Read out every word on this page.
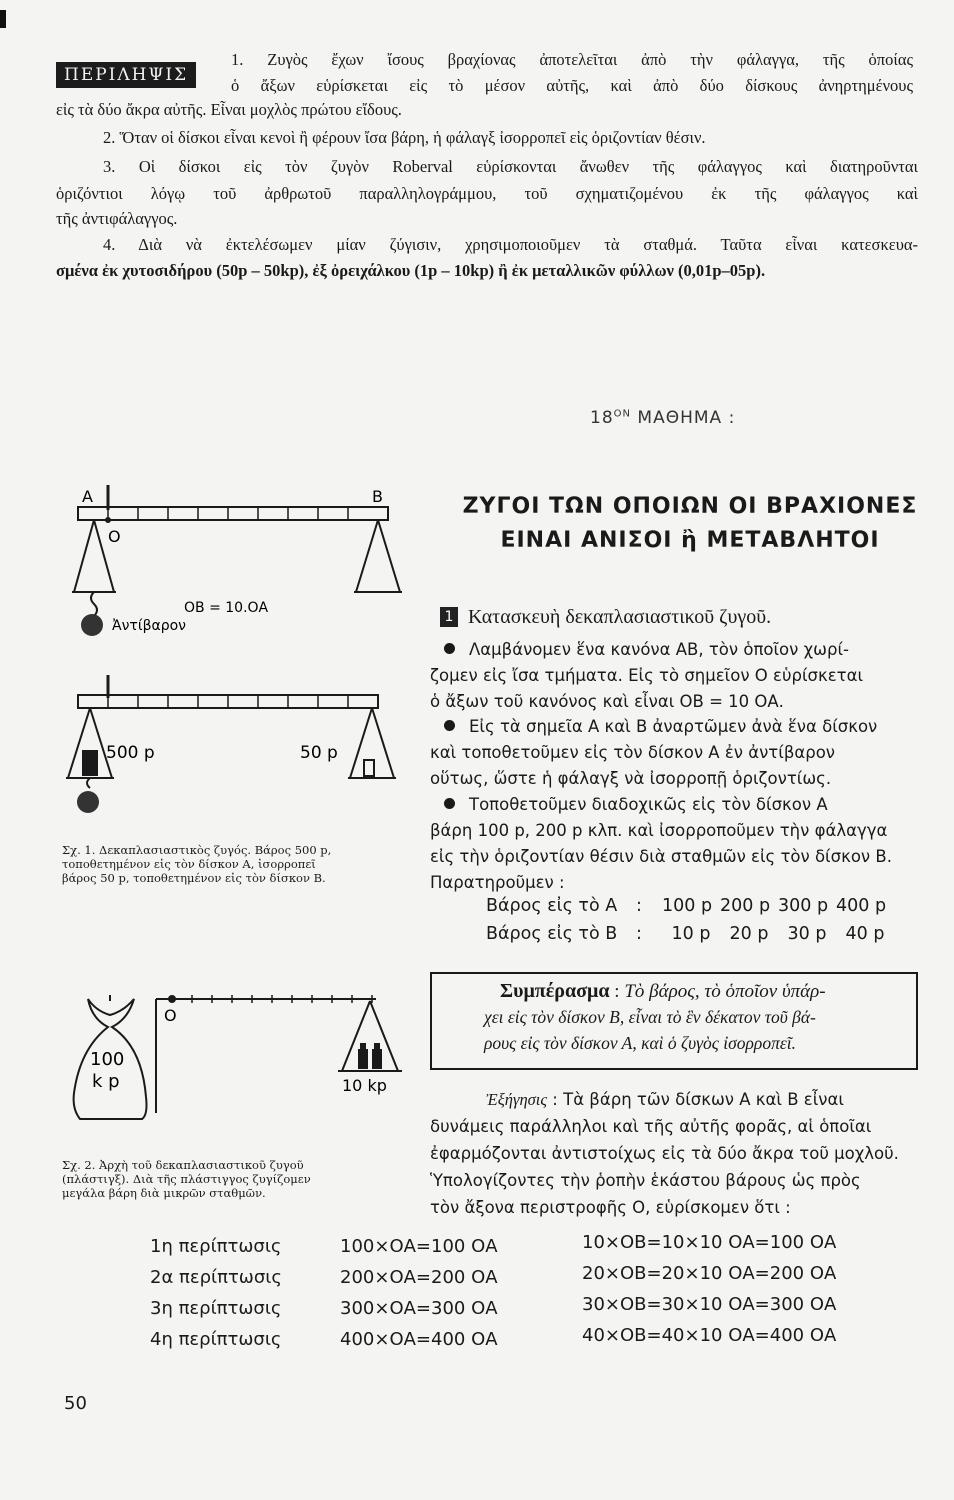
ΠΕΡΙΛΗΨΙΣ
1. Ζυγὸς ἔχων ἴσους βραχίονας ἀποτελεῖται ἀπὸ τὴν φάλαγγα, τῆς ὁποίας
ὁ ἄξων εὑρίσκεται εἰς τὸ μέσον αὐτῆς, καὶ ἀπὸ δύο δίσκους ἀνηρτημένους
εἰς τὰ δύο ἄκρα αὐτῆς. Εἶναι μοχλὸς πρώτου εἴδους.
2. Ὅταν οἱ δίσκοι εἶναι κενοὶ ἢ φέρουν ἴσα βάρη, ἡ φάλαγξ ἰσορροπεῖ εἰς ὁριζοντίαν θέσιν.
3. Οἱ δίσκοι εἰς τὸν ζυγὸν Roberval εὑρίσκονται ἄνωθεν τῆς φάλαγγος καὶ διατηροῦνται
ὁριζόντιοι λόγῳ τοῦ ἀρθρωτοῦ παραλληλογράμμου, τοῦ σχηματιζομένου ἐκ τῆς φάλαγγος καὶ
τῆς ἀντιφάλαγγος.
4. Διὰ νὰ ἐκτελέσωμεν μίαν ζύγισιν, χρησιμοποιοῦμεν τὰ σταθμά. Ταῦτα εἶναι κατεσκευα-
σμένα ἐκ χυτοσιδήρου (50p – 50kp), ἐξ ὀρειχάλκου (1p – 10kp) ἢ ἐκ μεταλλικῶν φύλλων (0,01p–05p).
$18^{ON}$ ΜΑΘΗΜΑ :
ΖΥΓΟΙ ΤΩΝ ΟΠΟΙΩΝ ΟΙ ΒΡΑΧΙΟΝΕΣ
ΕΙΝΑΙ ΑΝΙΣΟΙ ἢ ΜΕΤΑΒΛΗΤΟΙ
1 Κατασκευὴ δεκαπλασιαστικοῦ ζυγοῦ.
Λαμβάνομεν ἕνα κανόνα ΑΒ, τὸν ὁποῖον χωρί-
ζομεν εἰς ἴσα τμήματα. Εἰς τὸ σημεῖον Ο εὑρίσκεται
ὁ ἄξων τοῦ κανόνος καὶ εἶναι ΟΒ = 10 ΟΑ.
Εἰς τὰ σημεῖα Α καὶ Β ἀναρτῶμεν ἀνὰ ἕνα δίσκον
καὶ τοποθετοῦμεν εἰς τὸν δίσκον Α ἐν ἀντίβαρον
οὕτως, ὥστε ἡ φάλαγξ νὰ ἰσορροπῇ ὁριζοντίως.
Τοποθετοῦμεν διαδοχικῶς εἰς τὸν δίσκον Α
βάρη 100 p, 200 p κλπ. καὶ ἰσορροποῦμεν τὴν φάλαγγα
εἰς τὴν ὁριζοντίαν θέσιν διὰ σταθμῶν εἰς τὸν δίσκον Β.
Παρατηροῦμεν :
Βάρος εἰς τὸ Α	:	100 p 200 p 300 p 400 p
Βάρος εἰς τὸ Β	:	10 p	20 p	30 p	40 p
Συμπέρασμα : Τὸ βάρος, τὸ ὁποῖον ὑπάρ-
χει εἰς τὸν δίσκον Β, εἶναι τὸ ἓν δέκατον τοῦ βά-
ρους εἰς τὸν δίσκον Α, καὶ ὁ ζυγὸς ἰσορροπεῖ.
Ἐξήγησις : Τὰ βάρη τῶν δίσκων Α καὶ Β εἶναι
δυνάμεις παράλληλοι καὶ τῆς αὐτῆς φορᾶς, αἱ ὁποῖαι
ἐφαρμόζονται ἀντιστοίχως εἰς τὰ δύο ἄκρα τοῦ μοχλοῦ.
Ὑπολογίζοντες τὴν ῥοπὴν ἑκάστου βάρους ὡς πρὸς
τὸν ἄξονα περιστροφῆς Ο, εὑρίσκομεν ὅτι :
Α	Β
Ο
ΟΒ = 10.ΟΑ
Ἀντίβαρον
500 p	50 p
Σχ. 1. Δεκαπλασιαστικὸς ζυγός. Βάρος 500 p,
τοποθετημένον εἰς τὸν δίσκον Α, ἰσορροπεῖ
βάρος 50 p, τοποθετημένον εἰς τὸν δίσκον Β.
100
k p
Ο
10 kp
Σχ. 2. Ἀρχὴ τοῦ δεκαπλασιαστικοῦ ζυγοῦ
(πλάστιγξ). Διὰ τῆς πλάστιγγος ζυγίζομεν
μεγάλα βάρη διὰ μικρῶν σταθμῶν.
1η περίπτωσις	100×ΟΑ=100 ΟΑ	10×ΟΒ=10×10 ΟΑ=100 ΟΑ
2α περίπτωσις	200×ΟΑ=200 ΟΑ	20×ΟΒ=20×10 ΟΑ=200 ΟΑ
3η περίπτωσις	300×ΟΑ=300 ΟΑ	30×ΟΒ=30×10 ΟΑ=300 ΟΑ
4η περίπτωσις	400×ΟΑ=400 ΟΑ	40×ΟΒ=40×10 ΟΑ=400 ΟΑ
50
